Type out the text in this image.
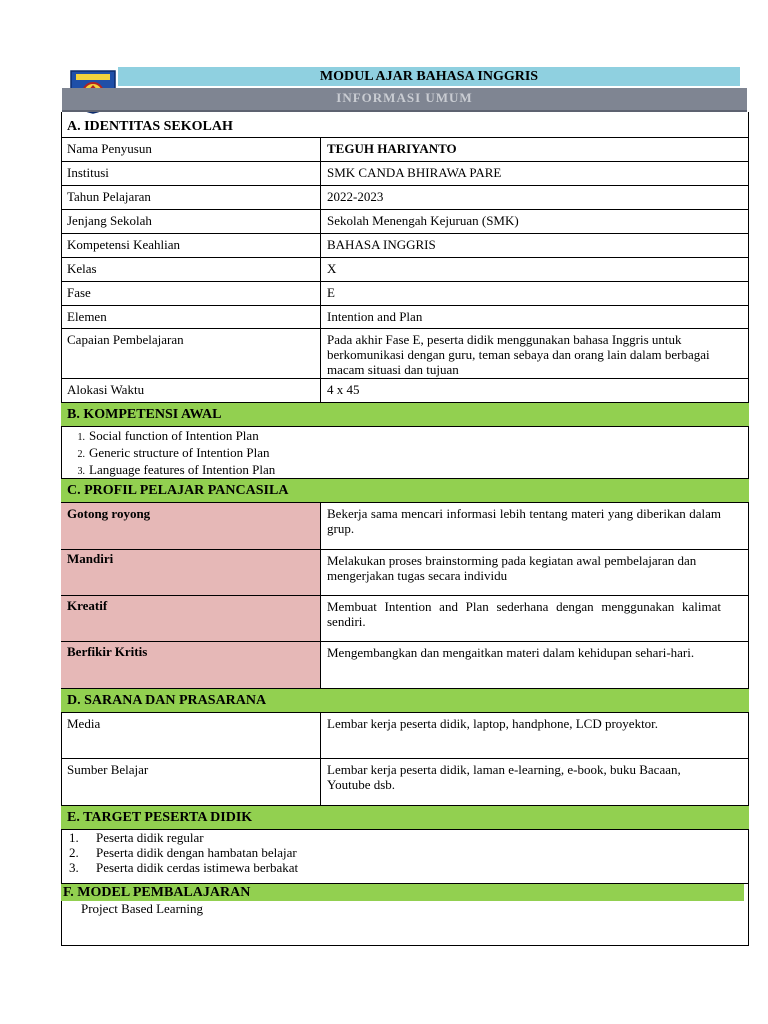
MODUL AJAR BAHASA INGGRIS
INFORMASI UMUM
A. IDENTITAS SEKOLAH
Nama Penyusun	TEGUH HARIYANTO
Institusi	SMK CANDA BHIRAWA PARE
Tahun Pelajaran	2022-2023
Jenjang Sekolah	Sekolah Menengah Kejuruan (SMK)
Kompetensi Keahlian	BAHASA INGGRIS
Kelas	X
Fase	E
Elemen	Intention and Plan
Capaian Pembelajaran	Pada akhir Fase E, peserta didik menggunakan bahasa Inggris untuk berkomunikasi dengan guru, teman sebaya dan orang lain dalam berbagai macam situasi dan tujuan
Alokasi Waktu	4 x 45
B. KOMPETENSI AWAL
1. Social function of Intention Plan
2. Generic structure of Intention Plan
3. Language features of Intention Plan
C. PROFIL PELAJAR PANCASILA
Gotong royong	Bekerja sama mencari informasi lebih tentang materi yang diberikan dalam grup.
Mandiri	Melakukan proses brainstorming pada kegiatan awal pembelajaran dan mengerjakan tugas secara individu
Kreatif	Membuat Intention and Plan sederhana dengan menggunakan kalimat sendiri.
Berfikir Kritis	Mengembangkan dan mengaitkan materi dalam kehidupan sehari-hari.
D. SARANA DAN PRASARANA
Media	Lembar kerja peserta didik, laptop, handphone, LCD proyektor.
Sumber Belajar	Lembar kerja peserta didik, laman e-learning, e-book, buku Bacaan, Youtube dsb.
E. TARGET PESERTA DIDIK
1. Peserta didik regular
2. Peserta didik dengan hambatan belajar
3. Peserta didik cerdas istimewa berbakat
F. MODEL PEMBALAJARAN
Project Based Learning
